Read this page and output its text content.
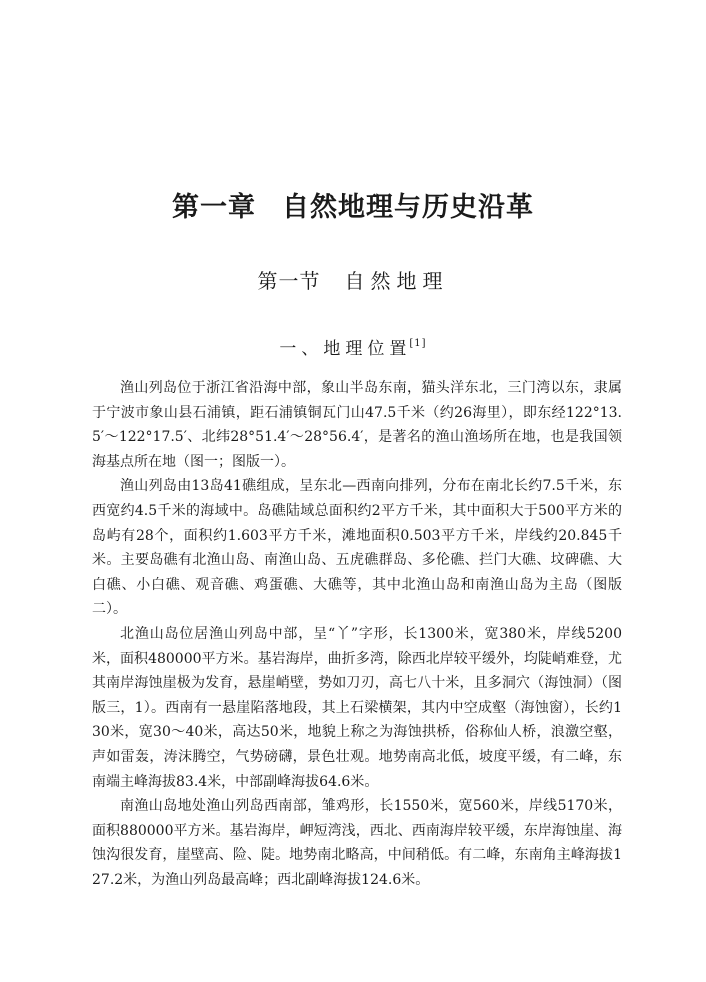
第一章 自然地理与历史沿革
第一节 自然地理
一、地理位置[1]

渔山列岛位于浙江省沿海中部，象山半岛东南，猫头洋东北，三门湾以东，隶属于宁波市象山县石浦镇，距石浦镇铜瓦门山47.5千米（约26海里），即东经122°13.5′～122°17.5′、北纬28°51.4′～28°56.4′，是著名的渔山渔场所在地，也是我国领海基点所在地（图一；图版一）。

渔山列岛由13岛41礁组成，呈东北—西南向排列，分布在南北长约7.5千米，东西宽约4.5千米的海域中。岛礁陆域总面积约2平方千米，其中面积大于500平方米的岛屿有28个，面积约1.603平方千米，滩地面积0.503平方千米，岸线约20.845千米。主要岛礁有北渔山岛、南渔山岛、五虎礁群岛、多伦礁、拦门大礁、坟碑礁、大白礁、小白礁、观音礁、鸡蛋礁、大礁等，其中北渔山岛和南渔山岛为主岛（图版二）。

北渔山岛位居渔山列岛中部，呈“丫”字形，长1300米，宽380米，岸线5200米，面积480000平方米。基岩海岸，曲折多湾，除西北岸较平缓外，均陡峭难登，尤其南岸海蚀崖极为发育，悬崖峭壁，势如刀刃，高七八十米，且多洞穴（海蚀洞）（图版三，1）。西南有一悬崖陷落地段，其上石梁横架，其内中空成壑（海蚀窗），长约130米，宽30～40米，高达50米，地貌上称之为海蚀拱桥，俗称仙人桥，浪激空壑，声如雷轰，涛沫腾空，气势磅礴，景色壮观。地势南高北低，坡度平缓，有二峰，东南端主峰海拔83.4米，中部副峰海拔64.6米。

南渔山岛地处渔山列岛西南部，雏鸡形，长1550米，宽560米，岸线5170米，面积880000平方米。基岩海岸，岬短湾浅，西北、西南海岸较平缓，东岸海蚀崖、海蚀沟很发育，崖壁高、险、陡。地势南北略高，中间稍低。有二峰，东南角主峰海拔127.2米，为渔山列岛最高峰；西北副峰海拔124.6米。
